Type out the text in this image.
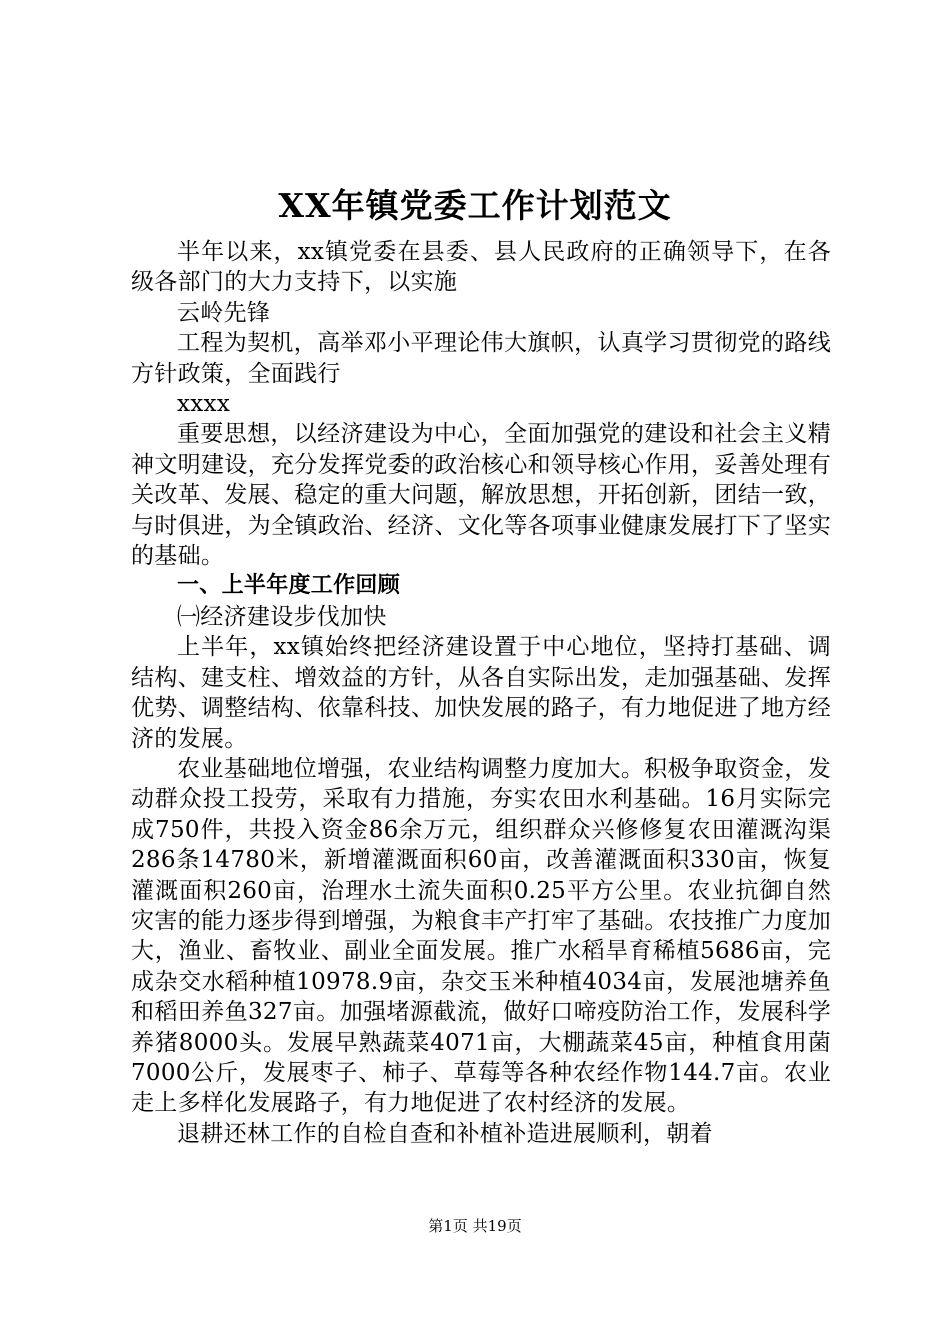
XX年镇党委工作计划范文

半年以来，xx镇党委在县委、县人民政府的正确领导下，在各级各部门的大力支持下，以实施

云岭先锋

工程为契机，高举邓小平理论伟大旗帜，认真学习贯彻党的路线方针政策，全面践行

xxxx

重要思想，以经济建设为中心，全面加强党的建设和社会主义精神文明建设，充分发挥党委的政治核心和领导核心作用，妥善处理有关改革、发展、稳定的重大问题，解放思想，开拓创新，团结一致，与时俱进，为全镇政治、经济、文化等各项事业健康发展打下了坚实的基础。

一、上半年度工作回顾

㈠经济建设步伐加快

上半年，xx镇始终把经济建设置于中心地位，坚持打基础、调结构、建支柱、增效益的方针，从各自实际出发，走加强基础、发挥优势、调整结构、依靠科技、加快发展的路子，有力地促进了地方经济的发展。

农业基础地位增强，农业结构调整力度加大。积极争取资金，发动群众投工投劳，采取有力措施，夯实农田水利基础。16月实际完成750件，共投入资金86余万元，组织群众兴修修复农田灌溉沟渠286条14780米，新增灌溉面积60亩，改善灌溉面积330亩，恢复灌溉面积260亩，治理水土流失面积0.25平方公里。农业抗御自然灾害的能力逐步得到增强，为粮食丰产打牢了基础。农技推广力度加大，渔业、畜牧业、副业全面发展。推广水稻旱育稀植5686亩，完成杂交水稻种植10978.9亩，杂交玉米种植4034亩，发展池塘养鱼和稻田养鱼327亩。加强堵源截流，做好口啼疫防治工作，发展科学养猪8000头。发展早熟蔬菜4071亩，大棚蔬菜45亩，种植食用菌7000公斤，发展枣子、柿子、草莓等各种农经作物144.7亩。农业走上多样化发展路子，有力地促进了农村经济的发展。

退耕还林工作的自检自查和补植补造进展顺利，朝着

第1页 共19页
